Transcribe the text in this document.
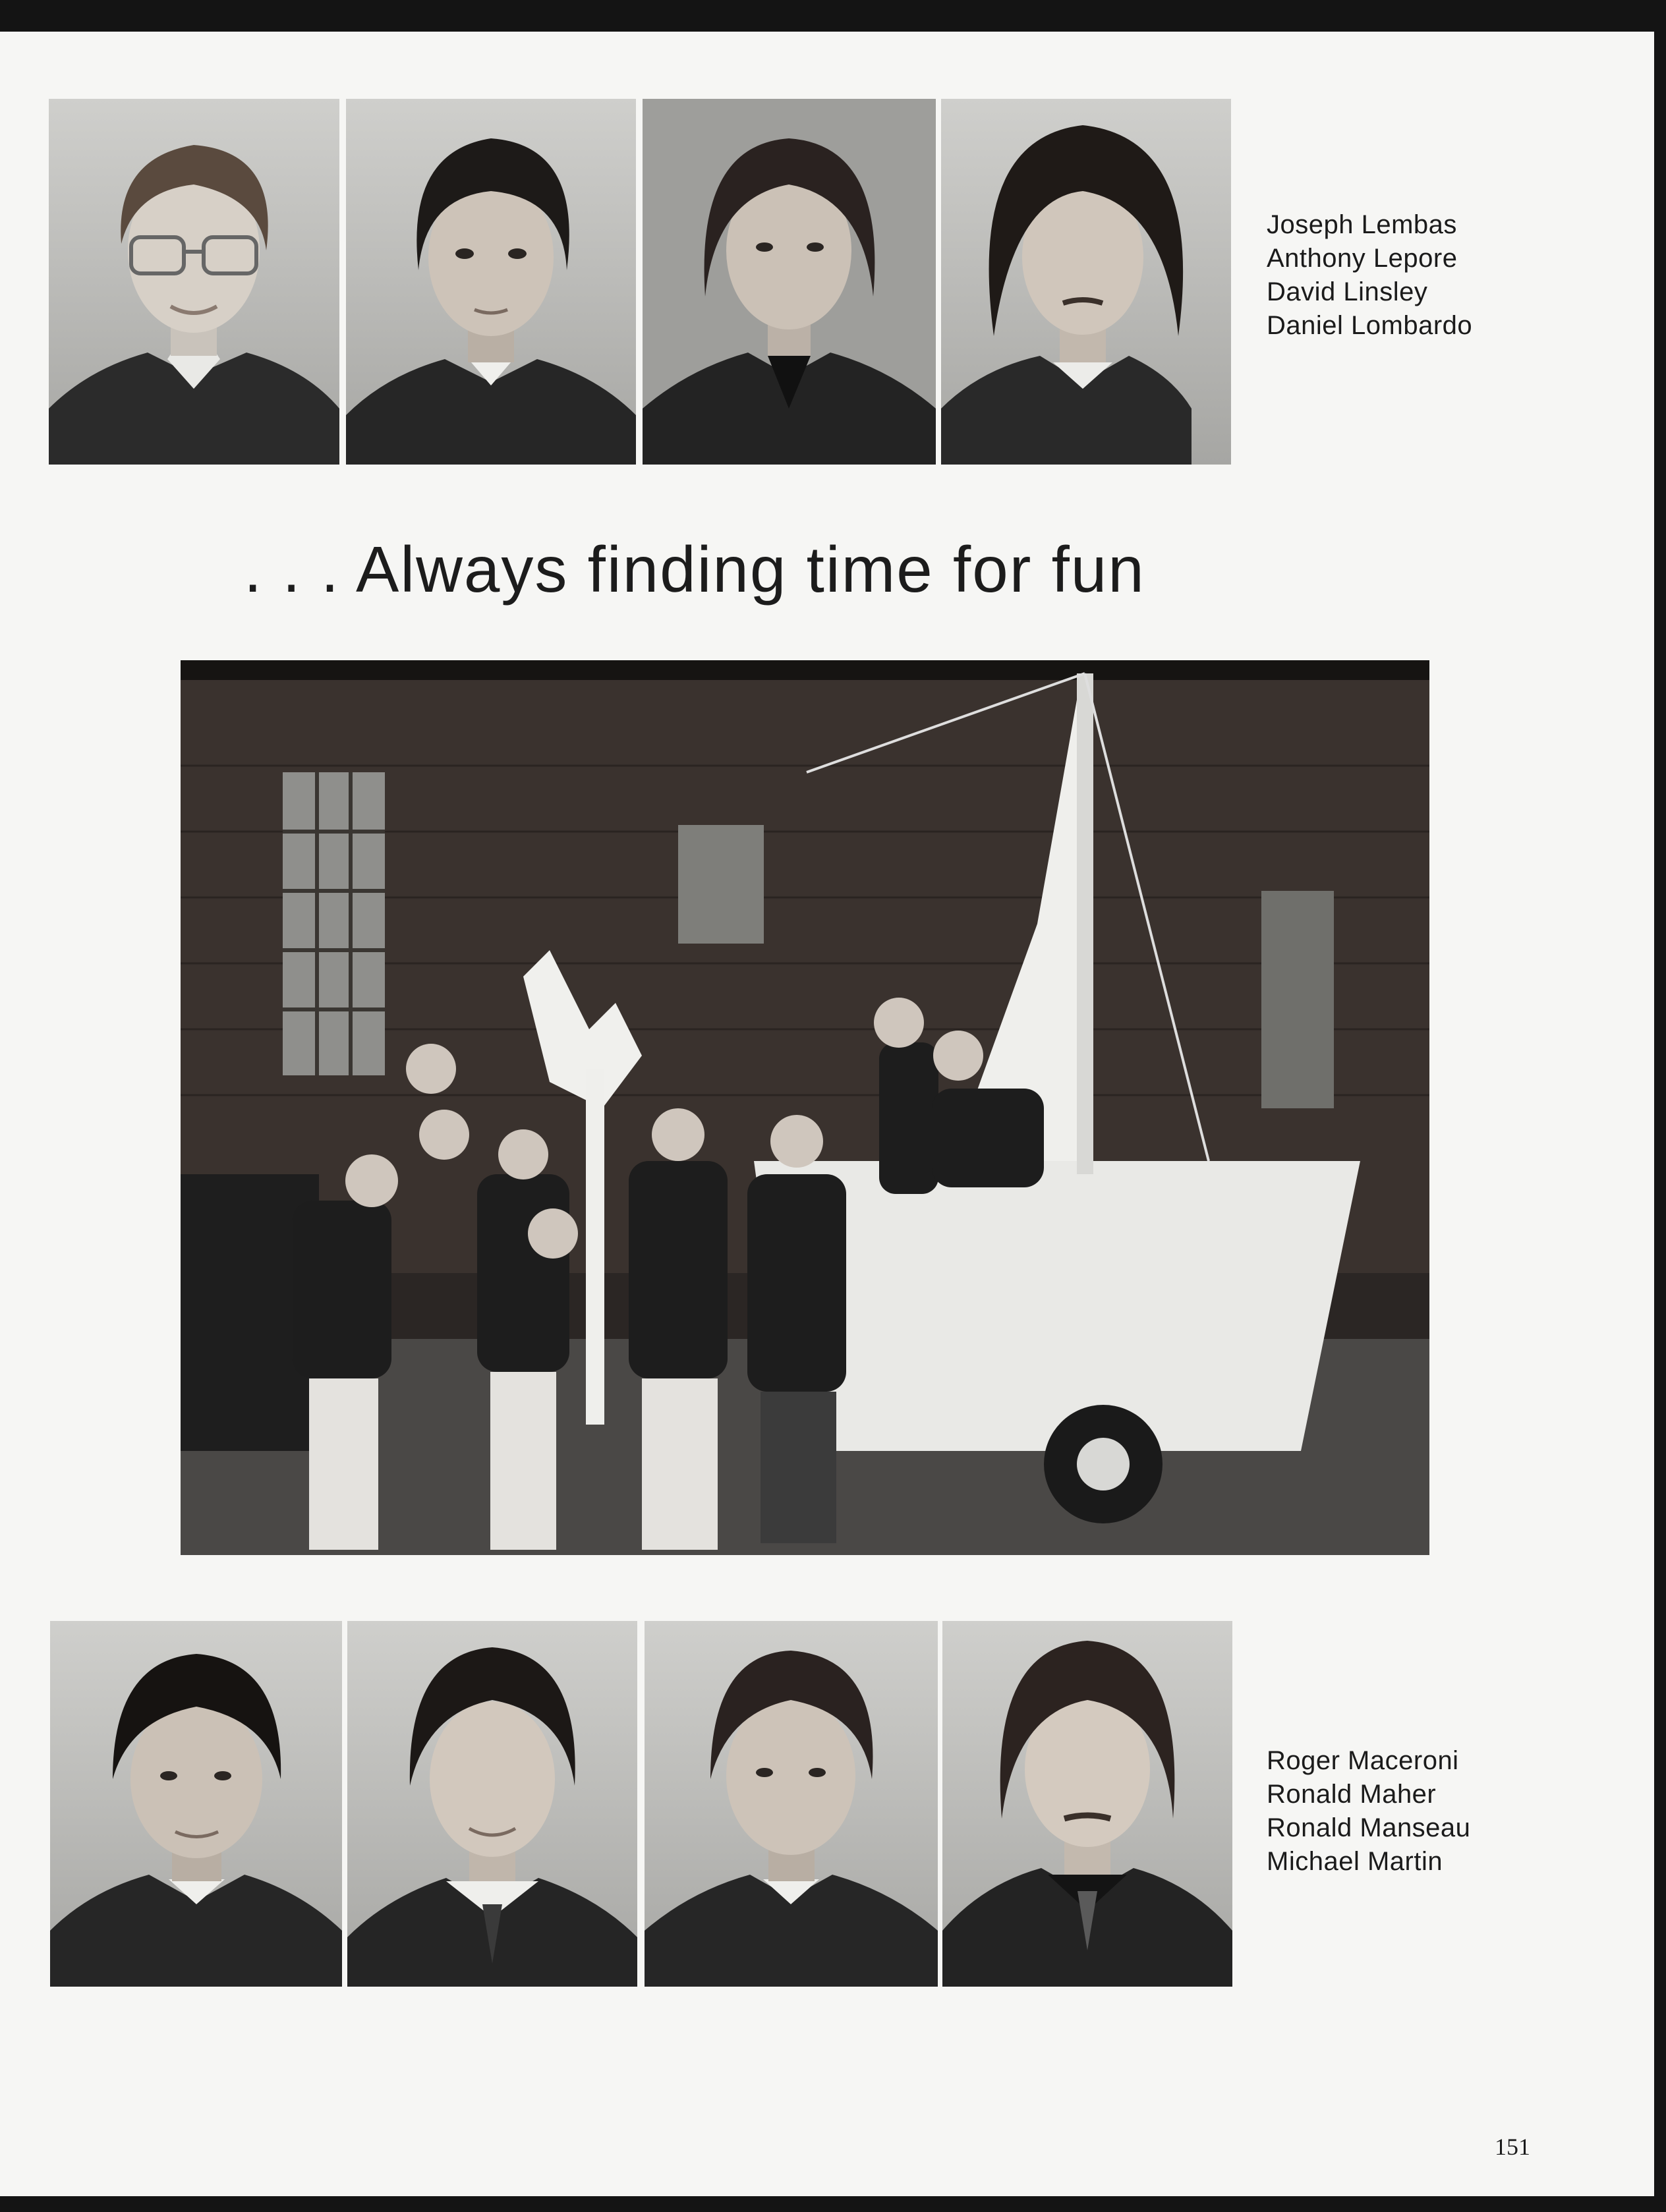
Joseph Lembas
Anthony Lepore
David Linsley
Daniel Lombardo
. . . Always finding time for fun
Roger Maceroni
Ronald Maher
Ronald Manseau
Michael Martin
151
